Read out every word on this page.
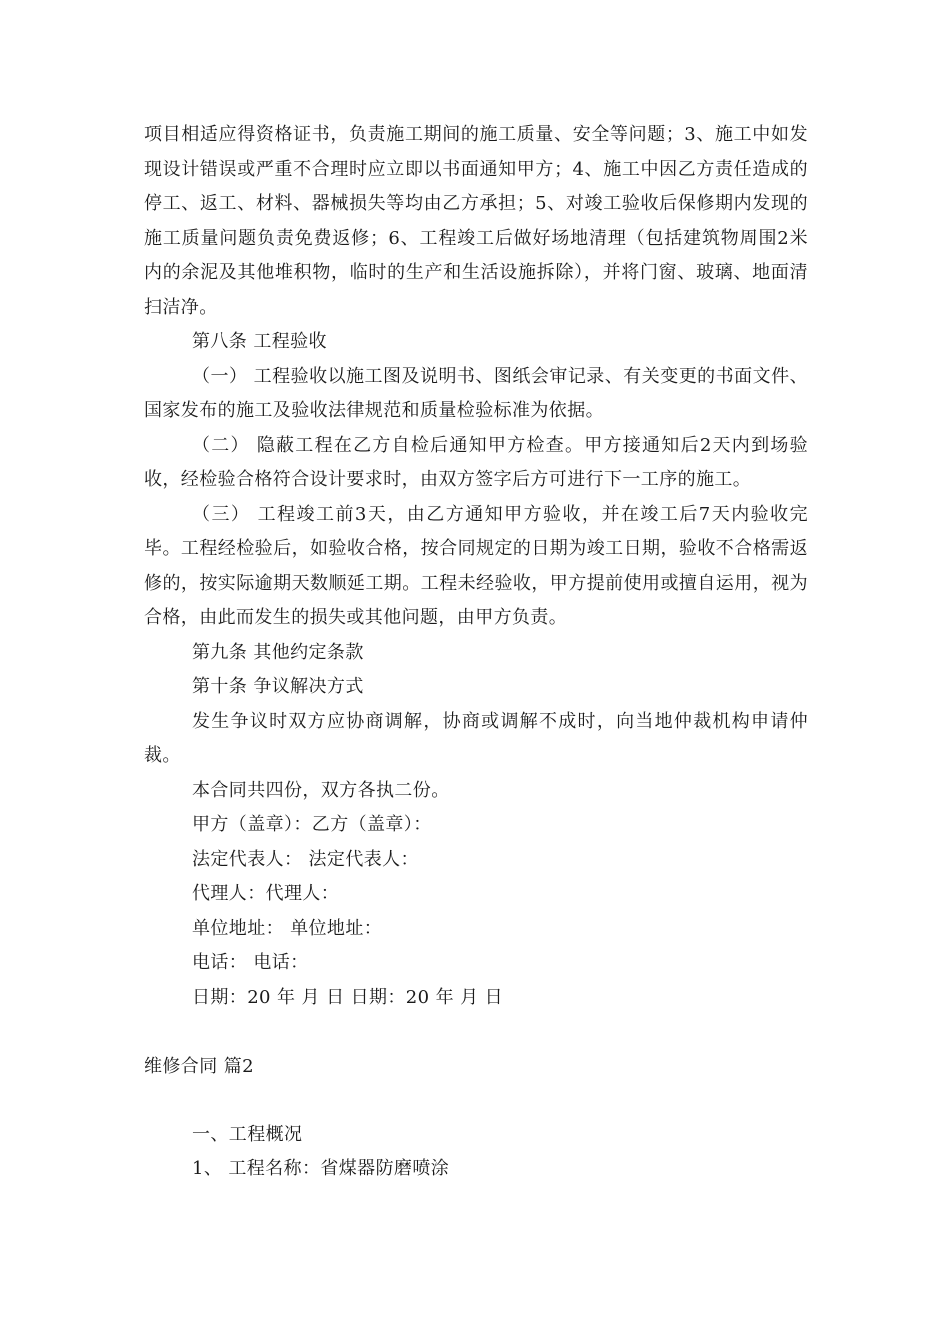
项目相适应得资格证书，负责施工期间的施工质量、安全等问题；3、施工中如发现设计错误或严重不合理时应立即以书面通知甲方；4、施工中因乙方责任造成的停工、返工、材料、器械损失等均由乙方承担；5、对竣工验收后保修期内发现的施工质量问题负责免费返修；6、工程竣工后做好场地清理（包括建筑物周围2米内的余泥及其他堆积物，临时的生产和生活设施拆除），并将门窗、玻璃、地面清扫洁净。

第八条 工程验收

（一） 工程验收以施工图及说明书、图纸会审记录、有关变更的书面文件、国家发布的施工及验收法律规范和质量检验标准为依据。

（二） 隐蔽工程在乙方自检后通知甲方检查。甲方接通知后2天内到场验收，经检验合格符合设计要求时，由双方签字后方可进行下一工序的施工。

（三） 工程竣工前3天，由乙方通知甲方验收，并在竣工后7天内验收完毕。工程经检验后，如验收合格，按合同规定的日期为竣工日期，验收不合格需返修的，按实际逾期天数顺延工期。工程未经验收，甲方提前使用或擅自运用，视为合格，由此而发生的损失或其他问题，由甲方负责。

第九条 其他约定条款

第十条 争议解决方式

发生争议时双方应协商调解，协商或调解不成时，向当地仲裁机构申请仲裁。

本合同共四份，双方各执二份。

甲方（盖章）：乙方（盖章）：

法定代表人： 法定代表人：

代理人：代理人：

单位地址： 单位地址：

电话： 电话：

日期：20 年 月 日 日期：20 年 月 日

维修合同 篇2
一、工程概况
1、 工程名称：省煤器防磨喷涂
